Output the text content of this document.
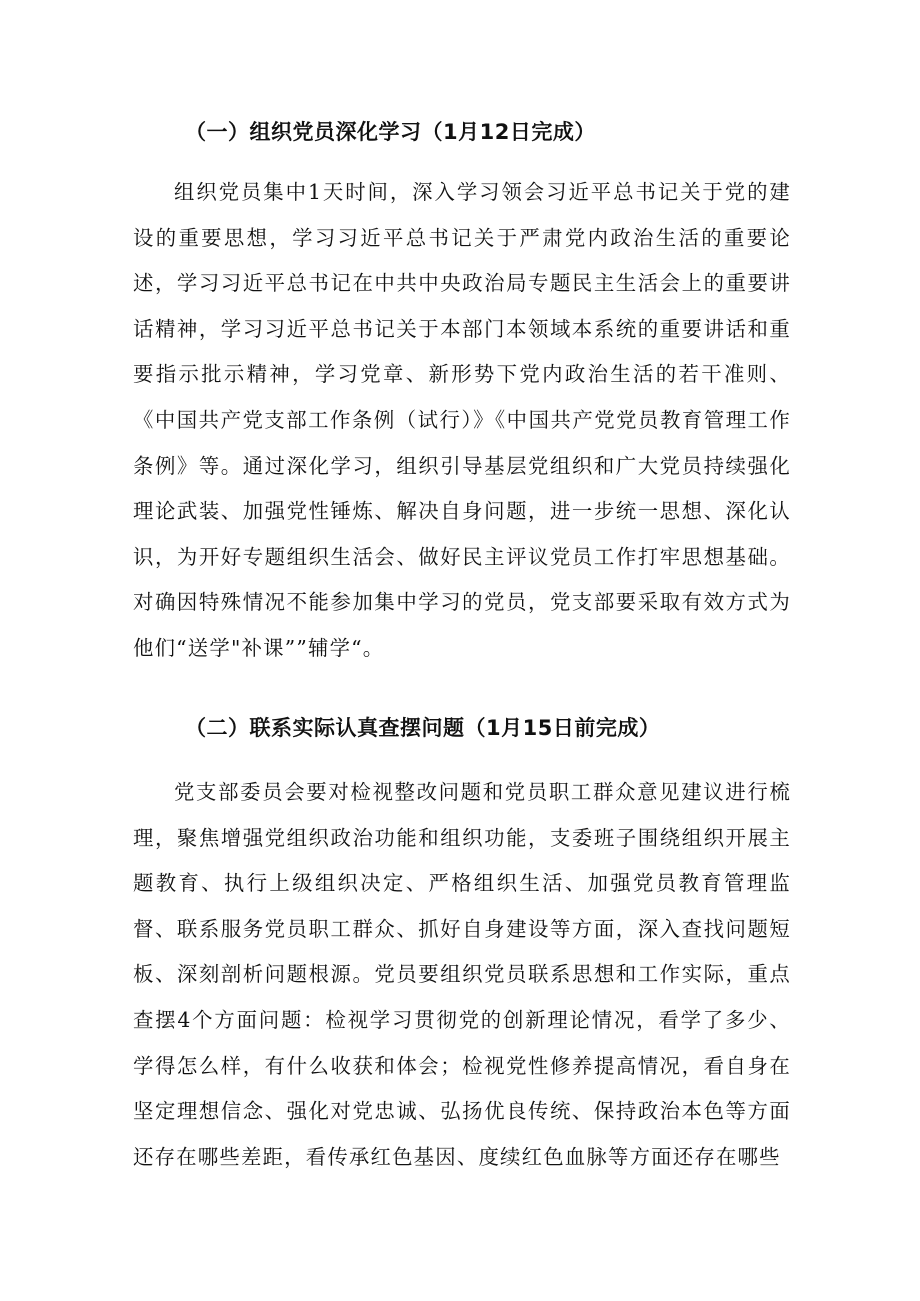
（一）组织党员深化学习（1月12日完成）

组织党员集中1天时间，深入学习领会习近平总书记关于党的建设的重要思想，学习习近平总书记关于严肃党内政治生活的重要论述，学习习近平总书记在中共中央政治局专题民主生活会上的重要讲话精神，学习习近平总书记关于本部门本领域本系统的重要讲话和重要指示批示精神，学习党章、新形势下党内政治生活的若干准则、《中国共产党支部工作条例（试行）》《中国共产党党员教育管理工作条例》等。通过深化学习，组织引导基层党组织和广大党员持续强化理论武装、加强党性锤炼、解决自身问题，进一步统一思想、深化认识，为开好专题组织生活会、做好民主评议党员工作打牢思想基础。对确因特殊情况不能参加集中学习的党员，党支部要采取有效方式为他们“送学"补课””辅学“。

（二）联系实际认真查摆问题（1月15日前完成）

党支部委员会要对检视整改问题和党员职工群众意见建议进行梳理，聚焦增强党组织政治功能和组织功能，支委班子围绕组织开展主题教育、执行上级组织决定、严格组织生活、加强党员教育管理监督、联系服务党员职工群众、抓好自身建设等方面，深入查找问题短板、深刻剖析问题根源。党员要组织党员联系思想和工作实际，重点查摆4个方面问题：检视学习贯彻党的创新理论情况，看学了多少、学得怎么样，有什么收获和体会；检视党性修养提高情况，看自身在坚定理想信念、强化对党忠诚、弘扬优良传统、保持政治本色等方面还存在哪些差距，看传承红色基因、度续红色血脉等方面还存在哪些
